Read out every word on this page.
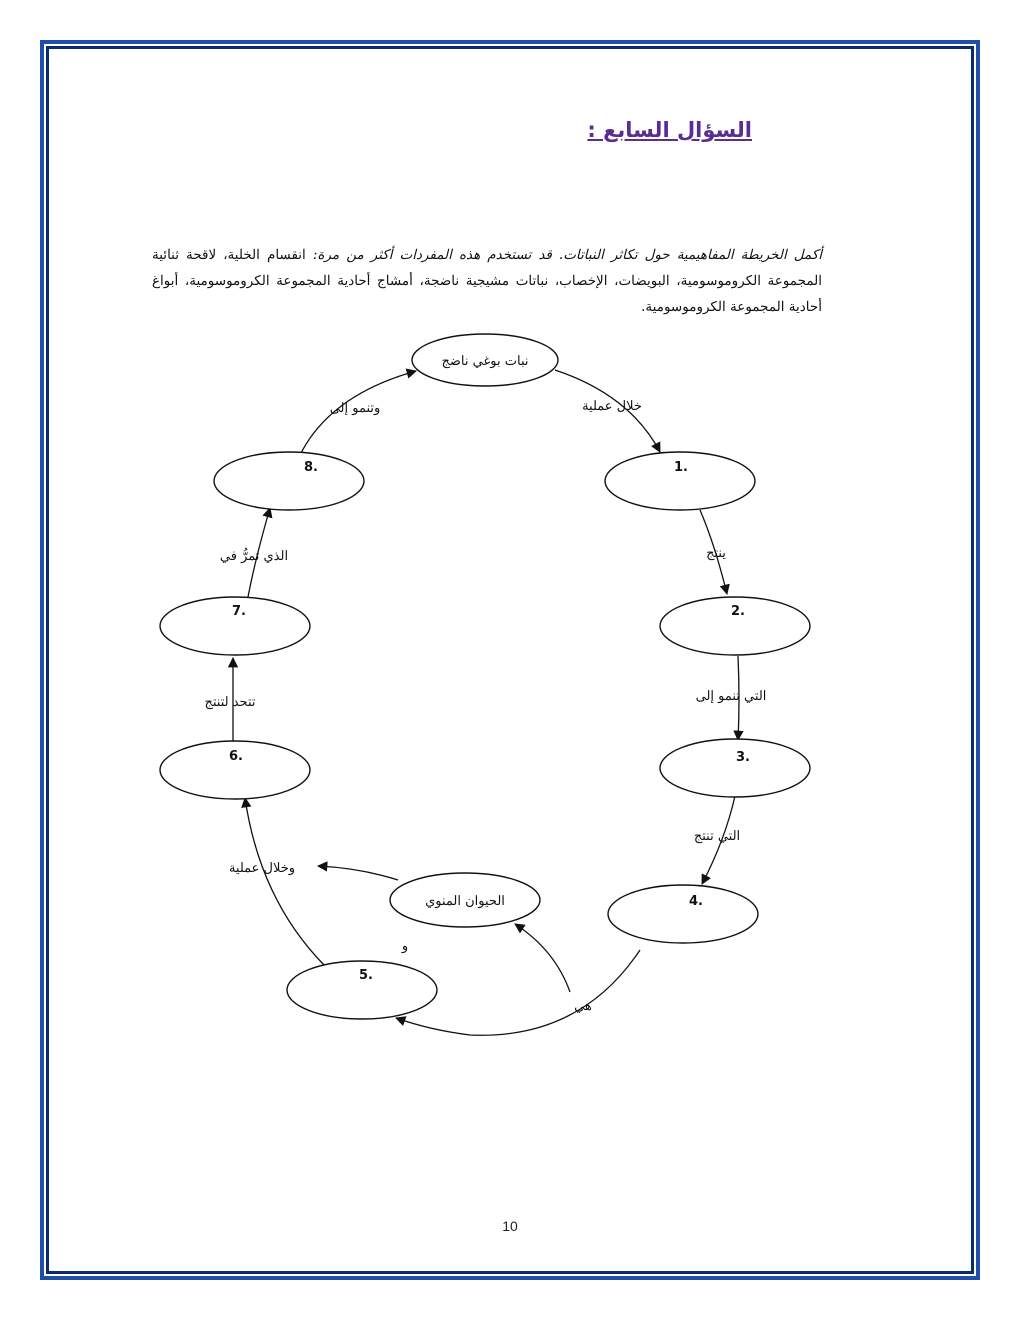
السؤال السابع :
أكمل الخريطة المفاهيمية حول تكاثر النباتات. قد تستخدم هذه المفردات أكثر من مرة: انقسام الخلية، لاقحة ثنائية المجموعة الكروموسومية، البويضات، الإخصاب، نباتات مشيجية ناضجة، أمشاج أحادية المجموعة الكروموسومية، أبواغ أحادية المجموعة الكروموسومية.
نبات بوغي ناضج
الحيوان المنوي
1.
2.
3.
4.
5.
6.
7.
8.
خلال عملية
ينتج
التي تنمو إلى
التي تنتج
هي
و
وخلال عملية
تتحد لتنتج
الذي تمرُّ في
وتنمو إلى
10
